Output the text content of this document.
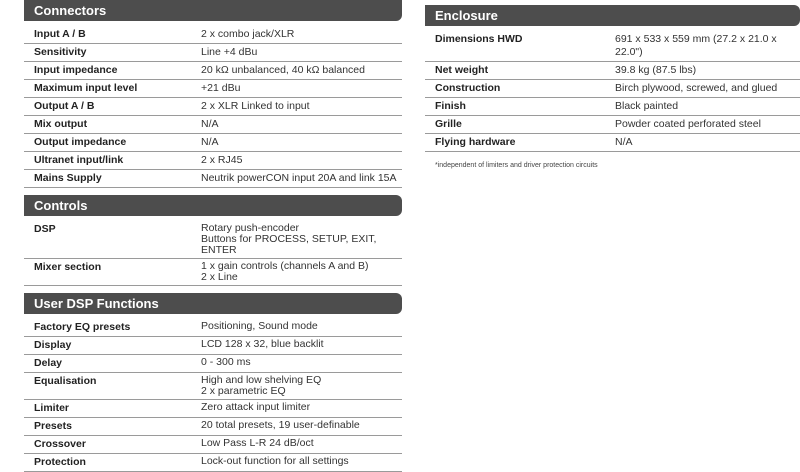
Connectors
Input A / B	2 x combo jack/XLR
Sensitivity	Line +4 dBu
Input impedance	20 kΩ unbalanced, 40 kΩ balanced
Maximum input level	+21 dBu
Output A / B	2 x XLR Linked to input
Mix output	N/A
Output impedance	N/A
Ultranet input/link	2 x RJ45
Mains Supply	Neutrik powerCON input 20A and link 15A
Controls
DSP	Rotary push-encoder
Buttons for PROCESS, SETUP, EXIT, ENTER
Mixer section	1 x gain controls (channels A and B)
2 x Line
User DSP Functions
Factory EQ presets	Positioning, Sound mode
Display	LCD 128 x 32, blue backlit
Delay	0 - 300 ms
Equalisation	High and low shelving EQ
2 x parametric EQ
Limiter	Zero attack input limiter
Presets	20 total presets, 19 user-definable
Crossover	Low Pass L-R 24 dB/oct
Protection	Lock-out function for all settings
Enclosure
Dimensions HWD	691 x 533 x 559 mm (27.2 x 21.0 x 22.0")
Net weight	39.8 kg (87.5 lbs)
Construction	Birch plywood, screwed, and glued
Finish	Black painted
Grille	Powder coated perforated steel
Flying hardware	N/A
*independent of limiters and driver protection circuits
